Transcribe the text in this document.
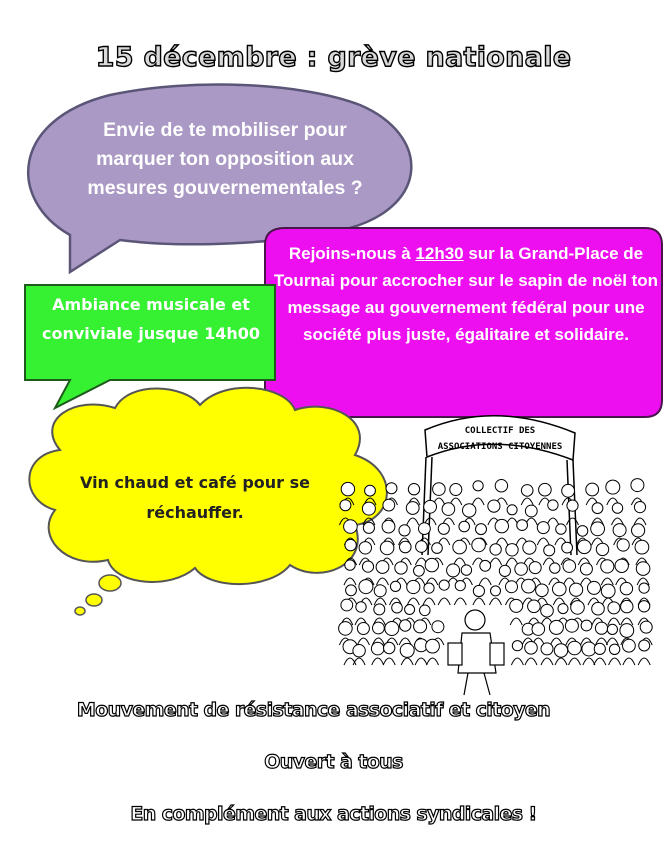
15 décembre : grève nationale
Envie de te mobiliser pour marquer ton opposition aux mesures gouvernementales ?
Rejoins-nous à 12h30 sur la Grand-Place de Tournai pour accrocher sur le sapin de noël ton message au gouvernement fédéral pour une société plus juste, égalitaire et solidaire.
Ambiance musicale et conviviale jusque 14h00
Vin chaud et café pour se réchauffer.
COLLECTIF DES
ASSOCIATIONS CITOYENNES
Mouvement de résistance associatif et citoyen
Ouvert à tous
En complément aux actions syndicales !
